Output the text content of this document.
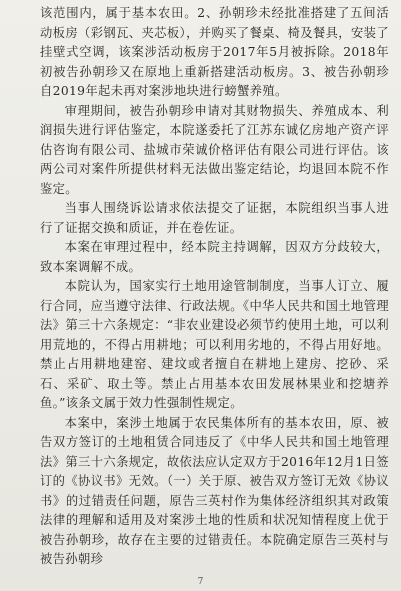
该范围内，属于基本农田。2、孙朝珍未经批准搭建了五间活动板房（彩钢瓦、夹芯板），并购买了餐桌、椅及餐具，安装了挂壁式空调，该案涉活动板房于2017年5月被拆除。2018年初被告孙朝珍又在原地上重新搭建活动板房。3、被告孙朝珍自2019年起未再对案涉地块进行螃蟹养殖。

审理期间，被告孙朝珍申请对其财物损失、养殖成本、利润损失进行评估鉴定，本院遂委托了江苏东诚亿房地产资产评估咨询有限公司、盐城市荣诚价格评估有限公司进行评估。该两公司对案件所提供材料无法做出鉴定结论，均退回本院不作鉴定。

当事人围绕诉讼请求依法提交了证据，本院组织当事人进行了证据交换和质证，并在卷佐证。

本案在审理过程中，经本院主持调解，因双方分歧较大，致本案调解不成。

本院认为，国家实行土地用途管制制度，当事人订立、履行合同，应当遵守法律、行政法规。《中华人民共和国土地管理法》第三十六条规定：“非农业建设必须节约使用土地，可以利用荒地的，不得占用耕地；可以利用劣地的，不得占用好地。禁止占用耕地建窑、建坟或者擅自在耕地上建房、挖砂、采石、采矿、取土等。禁止占用基本农田发展林果业和挖塘养鱼。”该条文属于效力性强制性规定。

本案中，案涉土地属于农民集体所有的基本农田，原、被告双方签订的土地租赁合同违反了《中华人民共和国土地管理法》第三十六条规定，故依法应认定双方于2016年12月1日签订的《协议书》无效。（一）关于原、被告双方签订无效《协议书》的过错责任问题，原告三英村作为集体经济组织其对政策法律的理解和适用及对案涉土地的性质和状况知情程度上优于被告孙朝珍，故存在主要的过错责任。本院确定原告三英村与被告孙朝珍

7
